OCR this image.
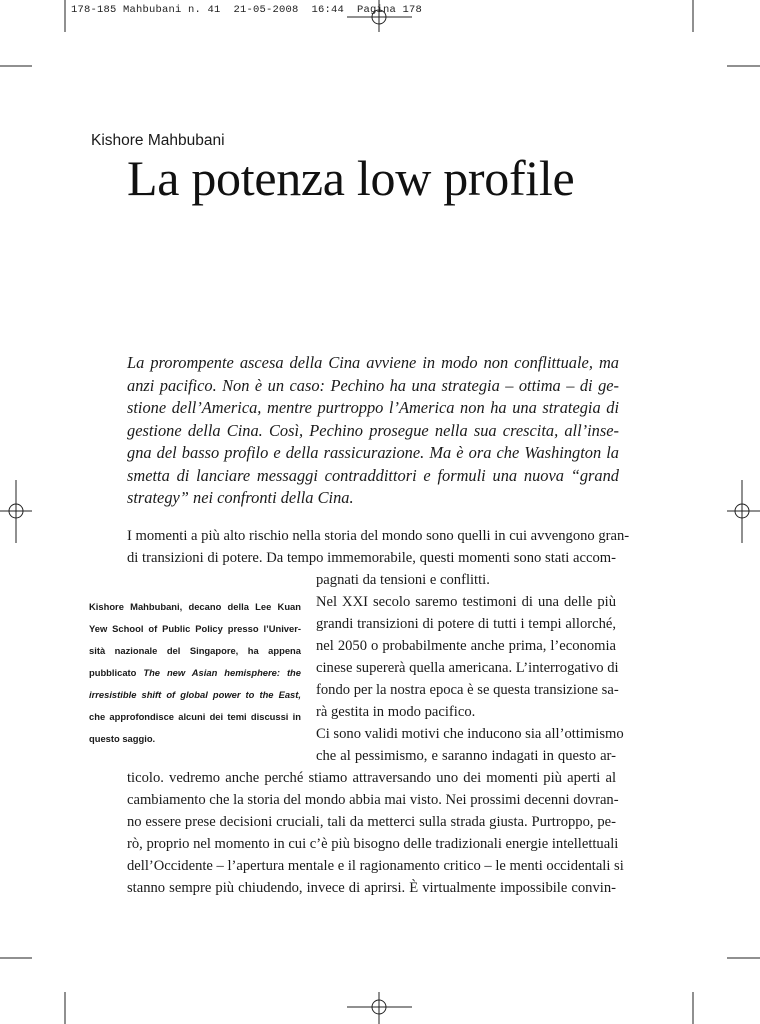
178-185 Mahbubani n. 41  21-05-2008  16:44  Pagina 178
Kishore Mahbubani
La potenza low profile

La prorompente ascesa della Cina avviene in modo non conflittuale, ma anzi pacifico. Non è un caso: Pechino ha una strategia – ottima – di ge-stione dell’America, mentre purtroppo l’America non ha una strategia di gestione della Cina. Così, Pechino prosegue nella sua crescita, all’inse-gna del basso profilo e della rassicurazione. Ma è ora che Washington la smetta di lanciare messaggi contraddittori e formuli una nuova “grand strategy” nei confronti della Cina.

Kishore Mahbubani, decano della Lee Kuan Yew School of Public Policy presso l’Univer-sità nazionale del Singapore, ha appena pubblicato The new Asian hemisphere: the irresistible shift of global power to the East, che approfondisce alcuni dei temi discussi in questo saggio.

I momenti a più alto rischio nella storia del mondo sono quelli in cui avvengono gran-
di transizioni di potere. Da tempo immemorabile, questi momenti sono stati accom-
pagnati da tensioni e conflitti.
Nel XXI secolo saremo testimoni di una delle più
grandi transizioni di potere di tutti i tempi allorché,
nel 2050 o probabilmente anche prima, l’economia
cinese supererà quella americana. L’interrogativo di
fondo per la nostra epoca è se questa transizione sa-
rà gestita in modo pacifico.
Ci sono validi motivi che inducono sia all’ottimismo
che al pessimismo, e saranno indagati in questo ar-
ticolo. vedremo anche perché stiamo attraversando uno dei momenti più aperti al
cambiamento che la storia del mondo abbia mai visto. Nei prossimi decenni dovran-
no essere prese decisioni cruciali, tali da metterci sulla strada giusta. Purtroppo, pe-
rò, proprio nel momento in cui c’è più bisogno delle tradizionali energie intellettuali
dell’Occidente – l’apertura mentale e il ragionamento critico – le menti occidentali si
stanno sempre più chiudendo, invece di aprirsi. È virtualmente impossibile convin-
